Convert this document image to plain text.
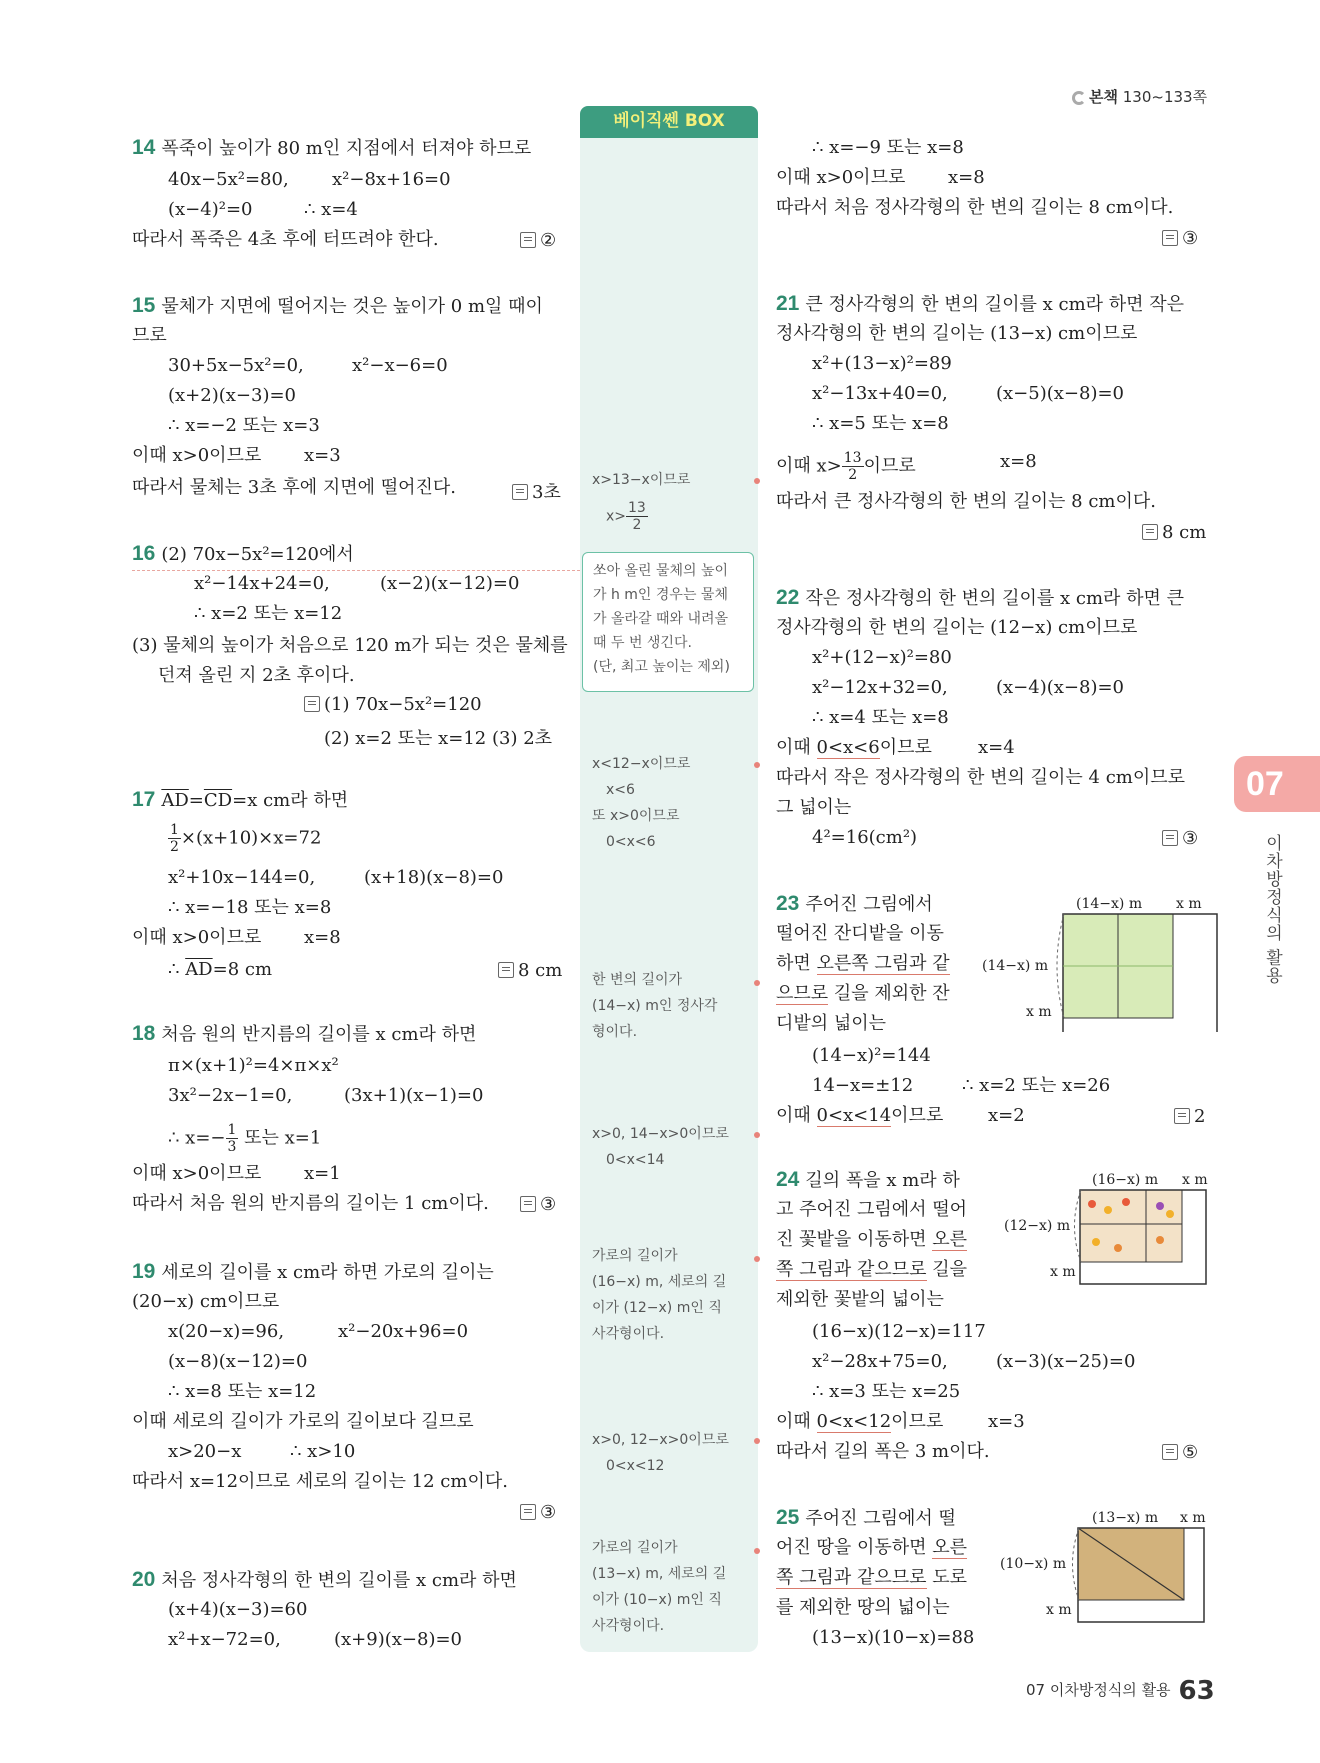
본책 130~133쪽
베이직쎈 BOX
14 폭죽이 높이가 80 m인 지점에서 터져야 하므로
40x−5x²=80, x²−8x+16=0
(x−4)²=0	∴ x=4
따라서 폭죽은 4초 후에 터뜨려야 한다.	②
15 물체가 지면에 떨어지는 것은 높이가 0 m일 때이
므로
30+5x−5x²=0,	x²−x−6=0
(x+2)(x−3)=0
∴ x=−2 또는 x=3
이때 x>0이므로 x=3
따라서 물체는 3초 후에 지면에 떨어진다.	3초
16 (2) 70x−5x²=120에서
x²−14x+24=0,	(x−2)(x−12)=0
∴ x=2 또는 x=12
(3) 물체의 높이가 처음으로 120 m가 되는 것은 물체를
던져 올린 지 2초 후이다.
(1) 70x−5x²=120
(2) x=2 또는 x=12 (3) 2초
17 $\overline{AD}=\overline{CD}=x$ cm라 하면
$\frac{1}{2} \times(x+10)\times x=72$
x²+10x−144=0,	(x+18)(x−8)=0
∴ x=−18 또는 x=8
이때 x>0이므로 x=8
∴ $\overline{AD}=8$ cm	8 cm
18 처음 원의 반지름의 길이를 x cm라 하면
π×(x+1)²=4×π×x²
3x²−2x−1=0,	(3x+1)(x−1)=0
∴ $x=- \frac{1}{3}$ 또는 x=1
이때 x>0이므로 x=1
따라서 처음 원의 반지름의 길이는 1 cm이다.	③
19 세로의 길이를 x cm라 하면 가로의 길이는
(20−x) cm이므로
x(20−x)=96,	x²−20x+96=0
(x−8)(x−12)=0
∴ x=8 또는 x=12
이때 세로의 길이가 가로의 길이보다 길므로
x>20−x	∴ x>10
따라서 x=12이므로 세로의 길이는 12 cm이다.
③
20 처음 정사각형의 한 변의 길이를 x cm라 하면
(x+4)(x−3)=60
x²+x−72=0,	(x+9)(x−8)=0
∴ x=−9 또는 x=8
이때 x>0이므로 x=8
따라서 처음 정사각형의 한 변의 길이는 8 cm이다.
③
x>13−x이므로
$x> \frac{13}{2}$
쏘아 올린 물체의 높이
가 h m인 경우는 물체
가 올라갈 때와 내려올
때 두 번 생긴다.
(단, 최고 높이는 제외)
x<12−x이므로
x<6
또 x>0이므로
0<x<6
한 변의 길이가
(14−x) m인 정사각
형이다.
x>0, 14−x>0이므로
0<x<14
가로의 길이가
(16−x) m, 세로의 길
이가 (12−x) m인 직
사각형이다.
x>0, 12−x>0이므로
0<x<12
가로의 길이가
(13−x) m, 세로의 길
이가 (10−x) m인 직
사각형이다.
21 큰 정사각형의 한 변의 길이를 x cm라 하면 작은
정사각형의 한 변의 길이는 (13−x) cm이므로
x²+(13−x)²=89
x²−13x+40=0,	(x−5)(x−8)=0
∴ x=5 또는 x=8
이때 $x> \frac{13}{2}$ 이므로	x=8
따라서 큰 정사각형의 한 변의 길이는 8 cm이다.
8 cm
22 작은 정사각형의 한 변의 길이를 x cm라 하면 큰
정사각형의 한 변의 길이는 (12−x) cm이므로
x²+(12−x)²=80
x²−12x+32=0,	(x−4)(x−8)=0
∴ x=4 또는 x=8
이때 0<x<6이므로	x=4
따라서 작은 정사각형의 한 변의 길이는 4 cm이므로
그 넓이는
4²=16(cm²)	③
23 주어진 그림에서
떨어진 잔디밭을 이동
하면 오른쪽 그림과 같
으므로 길을 제외한 잔
디밭의 넓이는
(14−x)²=144
14−x=±12	∴ x=2 또는 x=26
이때 0<x<14이므로 x=2	2
(14−x) m x m
(14−x) m
x m
24 길의 폭을 x m라 하
고 주어진 그림에서 떨어
진 꽃밭을 이동하면 오른
쪽 그림과 같으므로 길을
제외한 꽃밭의 넓이는
(16−x)(12−x)=117
x²−28x+75=0,	(x−3)(x−25)=0
∴ x=3 또는 x=25
이때 0<x<12이므로 x=3
따라서 길의 폭은 3 m이다.	⑤
(16−x) m x m
(12−x) m
x m
25 주어진 그림에서 떨
어진 땅을 이동하면 오른
쪽 그림과 같으므로 도로
를 제외한 땅의 넓이는
(13−x)(10−x)=88
(13−x) m x m
(10−x) m
x m
07
이차방정식의 활용
07 이차방정식의 활용 63
